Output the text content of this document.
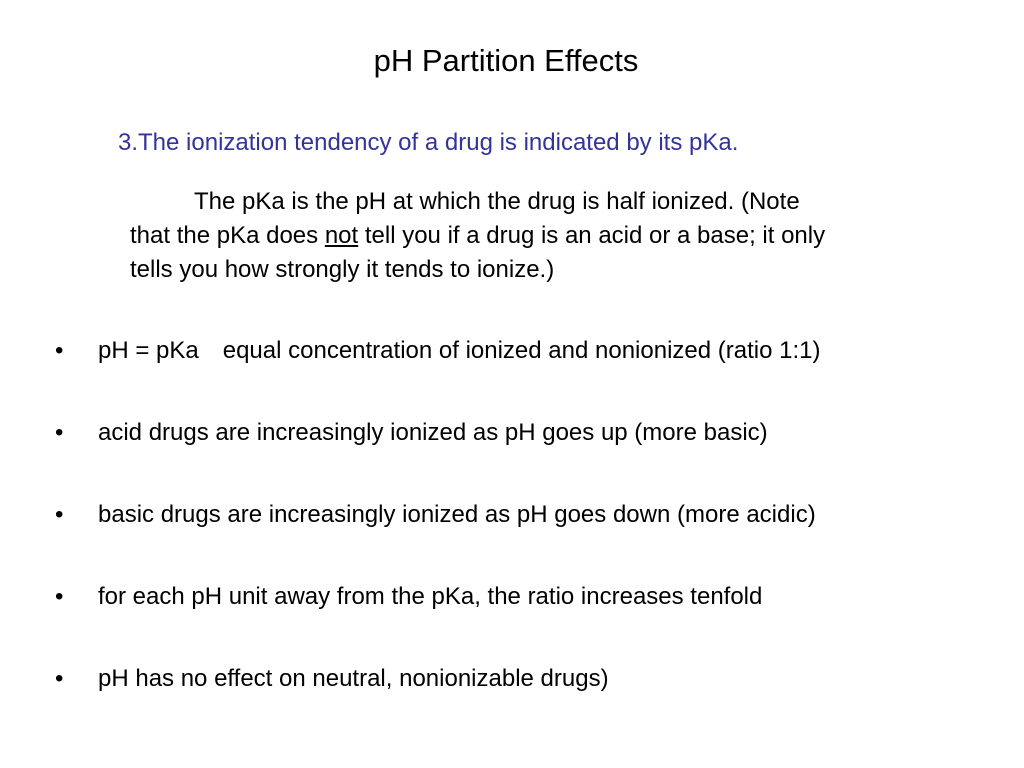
pH Partition Effects
3.The ionization tendency of a drug is indicated by its pKa.
The pKa is the pH at which the drug is half ionized. (Note
that the pKa does not tell you if a drug is an acid or a base; it only
tells you how strongly it tends to ionize.)
• pH = pKa equal concentration of ionized and nonionized (ratio 1:1)
• acid drugs are increasingly ionized as pH goes up (more basic)
• basic drugs are increasingly ionized as pH goes down (more acidic)
• for each pH unit away from the pKa, the ratio increases tenfold
• pH has no effect on neutral, nonionizable drugs)
